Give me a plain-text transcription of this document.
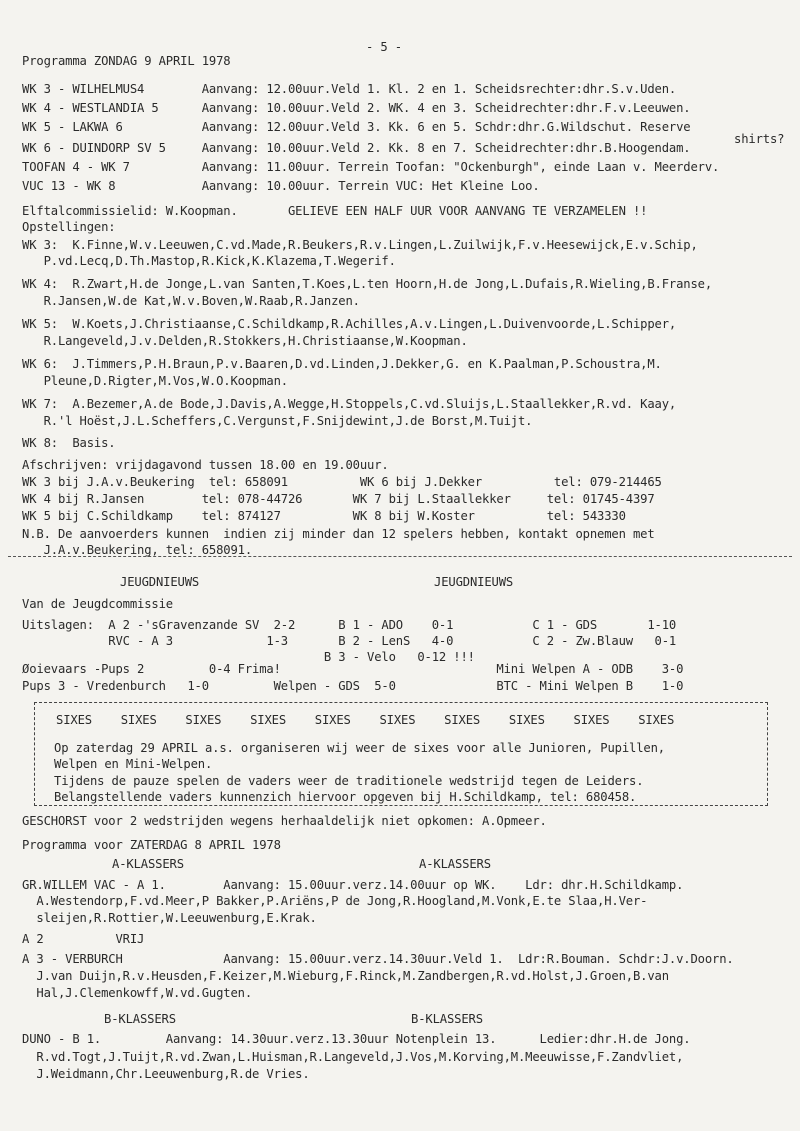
- 5 -
Programma ZONDAG 9 APRIL 1978
WK 3 - WILHELMUS4        Aanvang: 12.00uur.Veld 1. Kl. 2 en 1. Scheidsrechter:dhr.S.v.Uden.
WK 4 - WESTLANDIA 5      Aanvang: 10.00uur.Veld 2. WK. 4 en 3. Scheidrechter:dhr.F.v.Leeuwen.
WK 5 - LAKWA 6           Aanvang: 12.00uur.Veld 3. Kk. 6 en 5. Schdr:dhr.G.Wildschut. Reserve
shirts?
WK 6 - DUINDORP SV 5     Aanvang: 10.00uur.Veld 2. Kk. 8 en 7. Scheidrechter:dhr.B.Hoogendam.
TOOFAN 4 - WK 7          Aanvang: 11.00uur. Terrein Toofan: "Ockenburgh", einde Laan v. Meerderv.
VUC 13 - WK 8            Aanvang: 10.00uur. Terrein VUC: Het Kleine Loo.
Elftalcommissielid: W.Koopman.       GELIEVE EEN HALF UUR VOOR AANVANG TE VERZAMELEN !!
Opstellingen:
WK 3:  K.Finne,W.v.Leeuwen,C.vd.Made,R.Beukers,R.v.Lingen,L.Zuilwijk,F.v.Heesewijck,E.v.Schip,
P.vd.Lecq,D.Th.Mastop,R.Kick,K.Klazema,T.Wegerif.
WK 4:  R.Zwart,H.de Jonge,L.van Santen,T.Koes,L.ten Hoorn,H.de Jong,L.Dufais,R.Wieling,B.Franse,
R.Jansen,W.de Kat,W.v.Boven,W.Raab,R.Janzen.
WK 5:  W.Koets,J.Christiaanse,C.Schildkamp,R.Achilles,A.v.Lingen,L.Duivenvoorde,L.Schipper,
R.Langeveld,J.v.Delden,R.Stokkers,H.Christiaanse,W.Koopman.
WK 6:  J.Timmers,P.H.Braun,P.v.Baaren,D.vd.Linden,J.Dekker,G. en K.Paalman,P.Schoustra,M.
Pleune,D.Rigter,M.Vos,W.O.Koopman.
WK 7:  A.Bezemer,A.de Bode,J.Davis,A.Wegge,H.Stoppels,C.vd.Sluijs,L.Staallekker,R.vd. Kaay,
R.'l Hoëst,J.L.Scheffers,C.Vergunst,F.Snijdewint,J.de Borst,M.Tuijt.
WK 8:  Basis.
Afschrijven: vrijdagavond tussen 18.00 en 19.00uur.
WK 3 bij J.A.v.Beukering  tel: 658091          WK 6 bij J.Dekker          tel: 079-214465
WK 4 bij R.Jansen        tel: 078-44726       WK 7 bij L.Staallekker     tel: 01745-4397
WK 5 bij C.Schildkamp    tel: 874127          WK 8 bij W.Koster          tel: 543330
N.B. De aanvoerders kunnen  indien zij minder dan 12 spelers hebben, kontakt opnemen met
J.A.v.Beukering, tel: 658091.
JEUGDNIEUWS	JEUGDNIEUWS
Van de Jeugdcommissie
Uitslagen:  A 2 -'sGravenzande SV  2-2      B 1 - ADO    0-1           C 1 - GDS       1-10
RVC - A 3             1-3       B 2 - LenS   4-0           C 2 - Zw.Blauw   0-1
B 3 - Velo   0-12 !!!
Øoievaars -Pups 2         0-4 Frima!                              Mini Welpen A - ODB    3-0
Pups 3 - Vredenburch   1-0         Welpen - GDS  5-0              BTC - Mini Welpen B    1-0
SIXES    SIXES    SIXES    SIXES    SIXES    SIXES    SIXES    SIXES    SIXES    SIXES
Op zaterdag 29 APRIL a.s. organiseren wij weer de sixes voor alle Junioren, Pupillen,
Welpen en Mini-Welpen.
Tijdens de pauze spelen de vaders weer de traditionele wedstrijd tegen de Leiders.
Belangstellende vaders kunnenzich hiervoor opgeven bij H.Schildkamp, tel: 680458.
GESCHORST voor 2 wedstrijden wegens herhaaldelijk niet opkomen: A.Opmeer.
Programma voor ZATERDAG 8 APRIL 1978
A-KLASSERS	A-KLASSERS
GR.WILLEM VAC - A 1.        Aanvang: 15.00uur.verz.14.00uur op WK.    Ldr: dhr.H.Schildkamp.
A.Westendorp,F.vd.Meer,P Bakker,P.Ariëns,P de Jong,R.Hoogland,M.Vonk,E.te Slaa,H.Ver-
sleijen,R.Rottier,W.Leeuwenburg,E.Krak.
A 2          VRIJ
A 3 - VERBURCH              Aanvang: 15.00uur.verz.14.30uur.Veld 1.  Ldr:R.Bouman. Schdr:J.v.Doorn.
J.van Duijn,R.v.Heusden,F.Keizer,M.Wieburg,F.Rinck,M.Zandbergen,R.vd.Holst,J.Groen,B.van
Hal,J.Clemenkowff,W.vd.Gugten.
B-KLASSERS	B-KLASSERS
DUNO - B 1.         Aanvang: 14.30uur.verz.13.30uur Notenplein 13.      Ledier:dhr.H.de Jong.
R.vd.Togt,J.Tuijt,R.vd.Zwan,L.Huisman,R.Langeveld,J.Vos,M.Korving,M.Meeuwisse,F.Zandvliet,
J.Weidmann,Chr.Leeuwenburg,R.de Vries.
